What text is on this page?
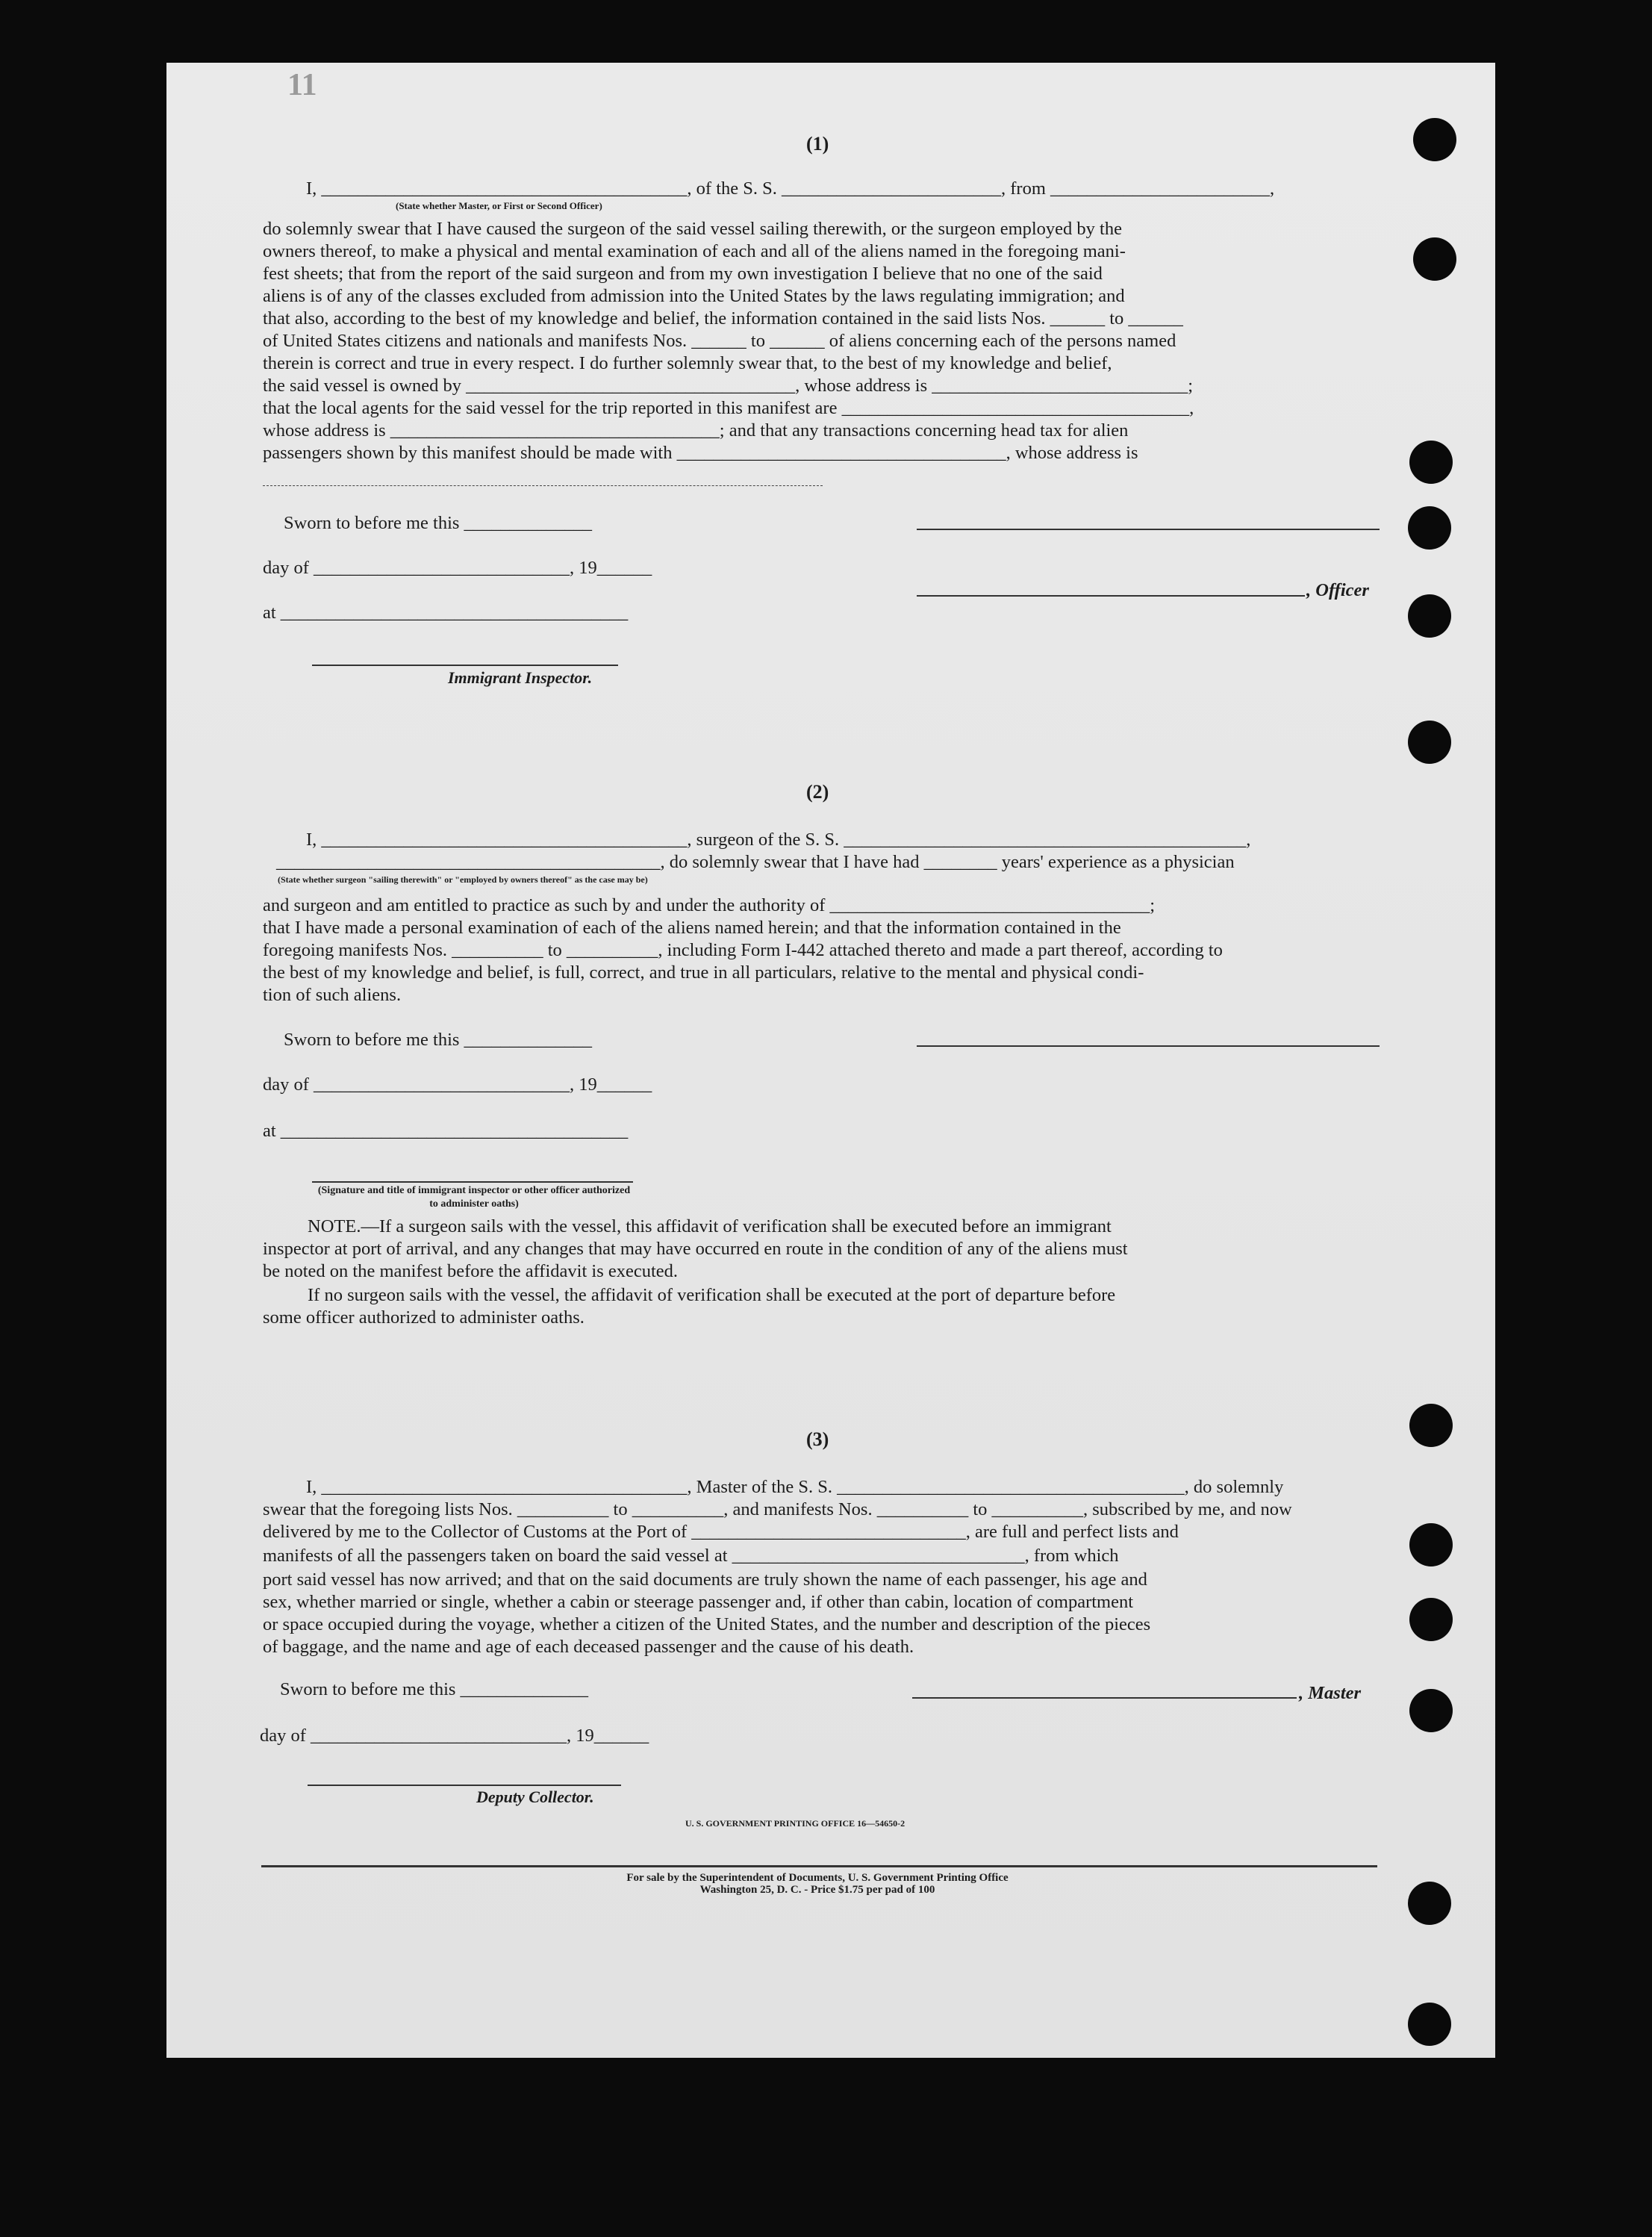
11
(1)
I, ________________________________________, of the S. S. ________________________, from ________________________,
(State whether Master, or First or Second Officer)
do solemnly swear that I have caused the surgeon of the said vessel sailing therewith, or the surgeon employed by the
owners thereof, to make a physical and mental examination of each and all of the aliens named in the foregoing mani-
fest sheets; that from the report of the said surgeon and from my own investigation I believe that no one of the said
aliens is of any of the classes excluded from admission into the United States by the laws regulating immigration; and
that also, according to the best of my knowledge and belief, the information contained in the said lists Nos. ______ to ______
of United States citizens and nationals and manifests Nos. ______ to ______ of aliens concerning each of the persons named
therein is correct and true in every respect. I do further solemnly swear that, to the best of my knowledge and belief,
the said vessel is owned by ____________________________________, whose address is ____________________________;
that the local agents for the said vessel for the trip reported in this manifest are ______________________________________,
whose address is ____________________________________; and that any transactions concerning head tax for alien
passengers shown by this manifest should be made with ____________________________________, whose address is
Sworn to before me this ______________
day of ____________________________, 19______
at ______________________________________
, Officer
Immigrant Inspector.
(2)
I, ________________________________________, surgeon of the S. S. ____________________________________________,
__________________________________________, do solemnly swear that I have had ________ years' experience as a physician
(State whether surgeon "sailing therewith" or "employed by owners thereof" as the case may be)
and surgeon and am entitled to practice as such by and under the authority of ___________________________________;
that I have made a personal examination of each of the aliens named herein; and that the information contained in the
foregoing manifests Nos. __________ to __________, including Form I-442 attached thereto and made a part thereof, according to
the best of my knowledge and belief, is full, correct, and true in all particulars, relative to the mental and physical condi-
tion of such aliens.
Sworn to before me this ______________
day of ____________________________, 19______
at ______________________________________
(Signature and title of immigrant inspector or other officer authorized to administer oaths)
NOTE.—If a surgeon sails with the vessel, this affidavit of verification shall be executed before an immigrant
inspector at port of arrival, and any changes that may have occurred en route in the condition of any of the aliens must
be noted on the manifest before the affidavit is executed.
If no surgeon sails with the vessel, the affidavit of verification shall be executed at the port of departure before
some officer authorized to administer oaths.
(3)
I, ________________________________________, Master of the S. S. ______________________________________, do solemnly
swear that the foregoing lists Nos. __________ to __________, and manifests Nos. __________ to __________, subscribed by me, and now
delivered by me to the Collector of Customs at the Port of ______________________________, are full and perfect lists and
manifests of all the passengers taken on board the said vessel at ________________________________, from which
port said vessel has now arrived; and that on the said documents are truly shown the name of each passenger, his age and
sex, whether married or single, whether a cabin or steerage passenger and, if other than cabin, location of compartment
or space occupied during the voyage, whether a citizen of the United States, and the number and description of the pieces
of baggage, and the name and age of each deceased passenger and the cause of his death.
Sworn to before me this ______________
day of ____________________________, 19______
, Master
Deputy Collector.
U. S. GOVERNMENT PRINTING OFFICE 16—54650-2
For sale by the Superintendent of Documents, U. S. Government Printing Office
Washington 25, D. C. - Price $1.75 per pad of 100
